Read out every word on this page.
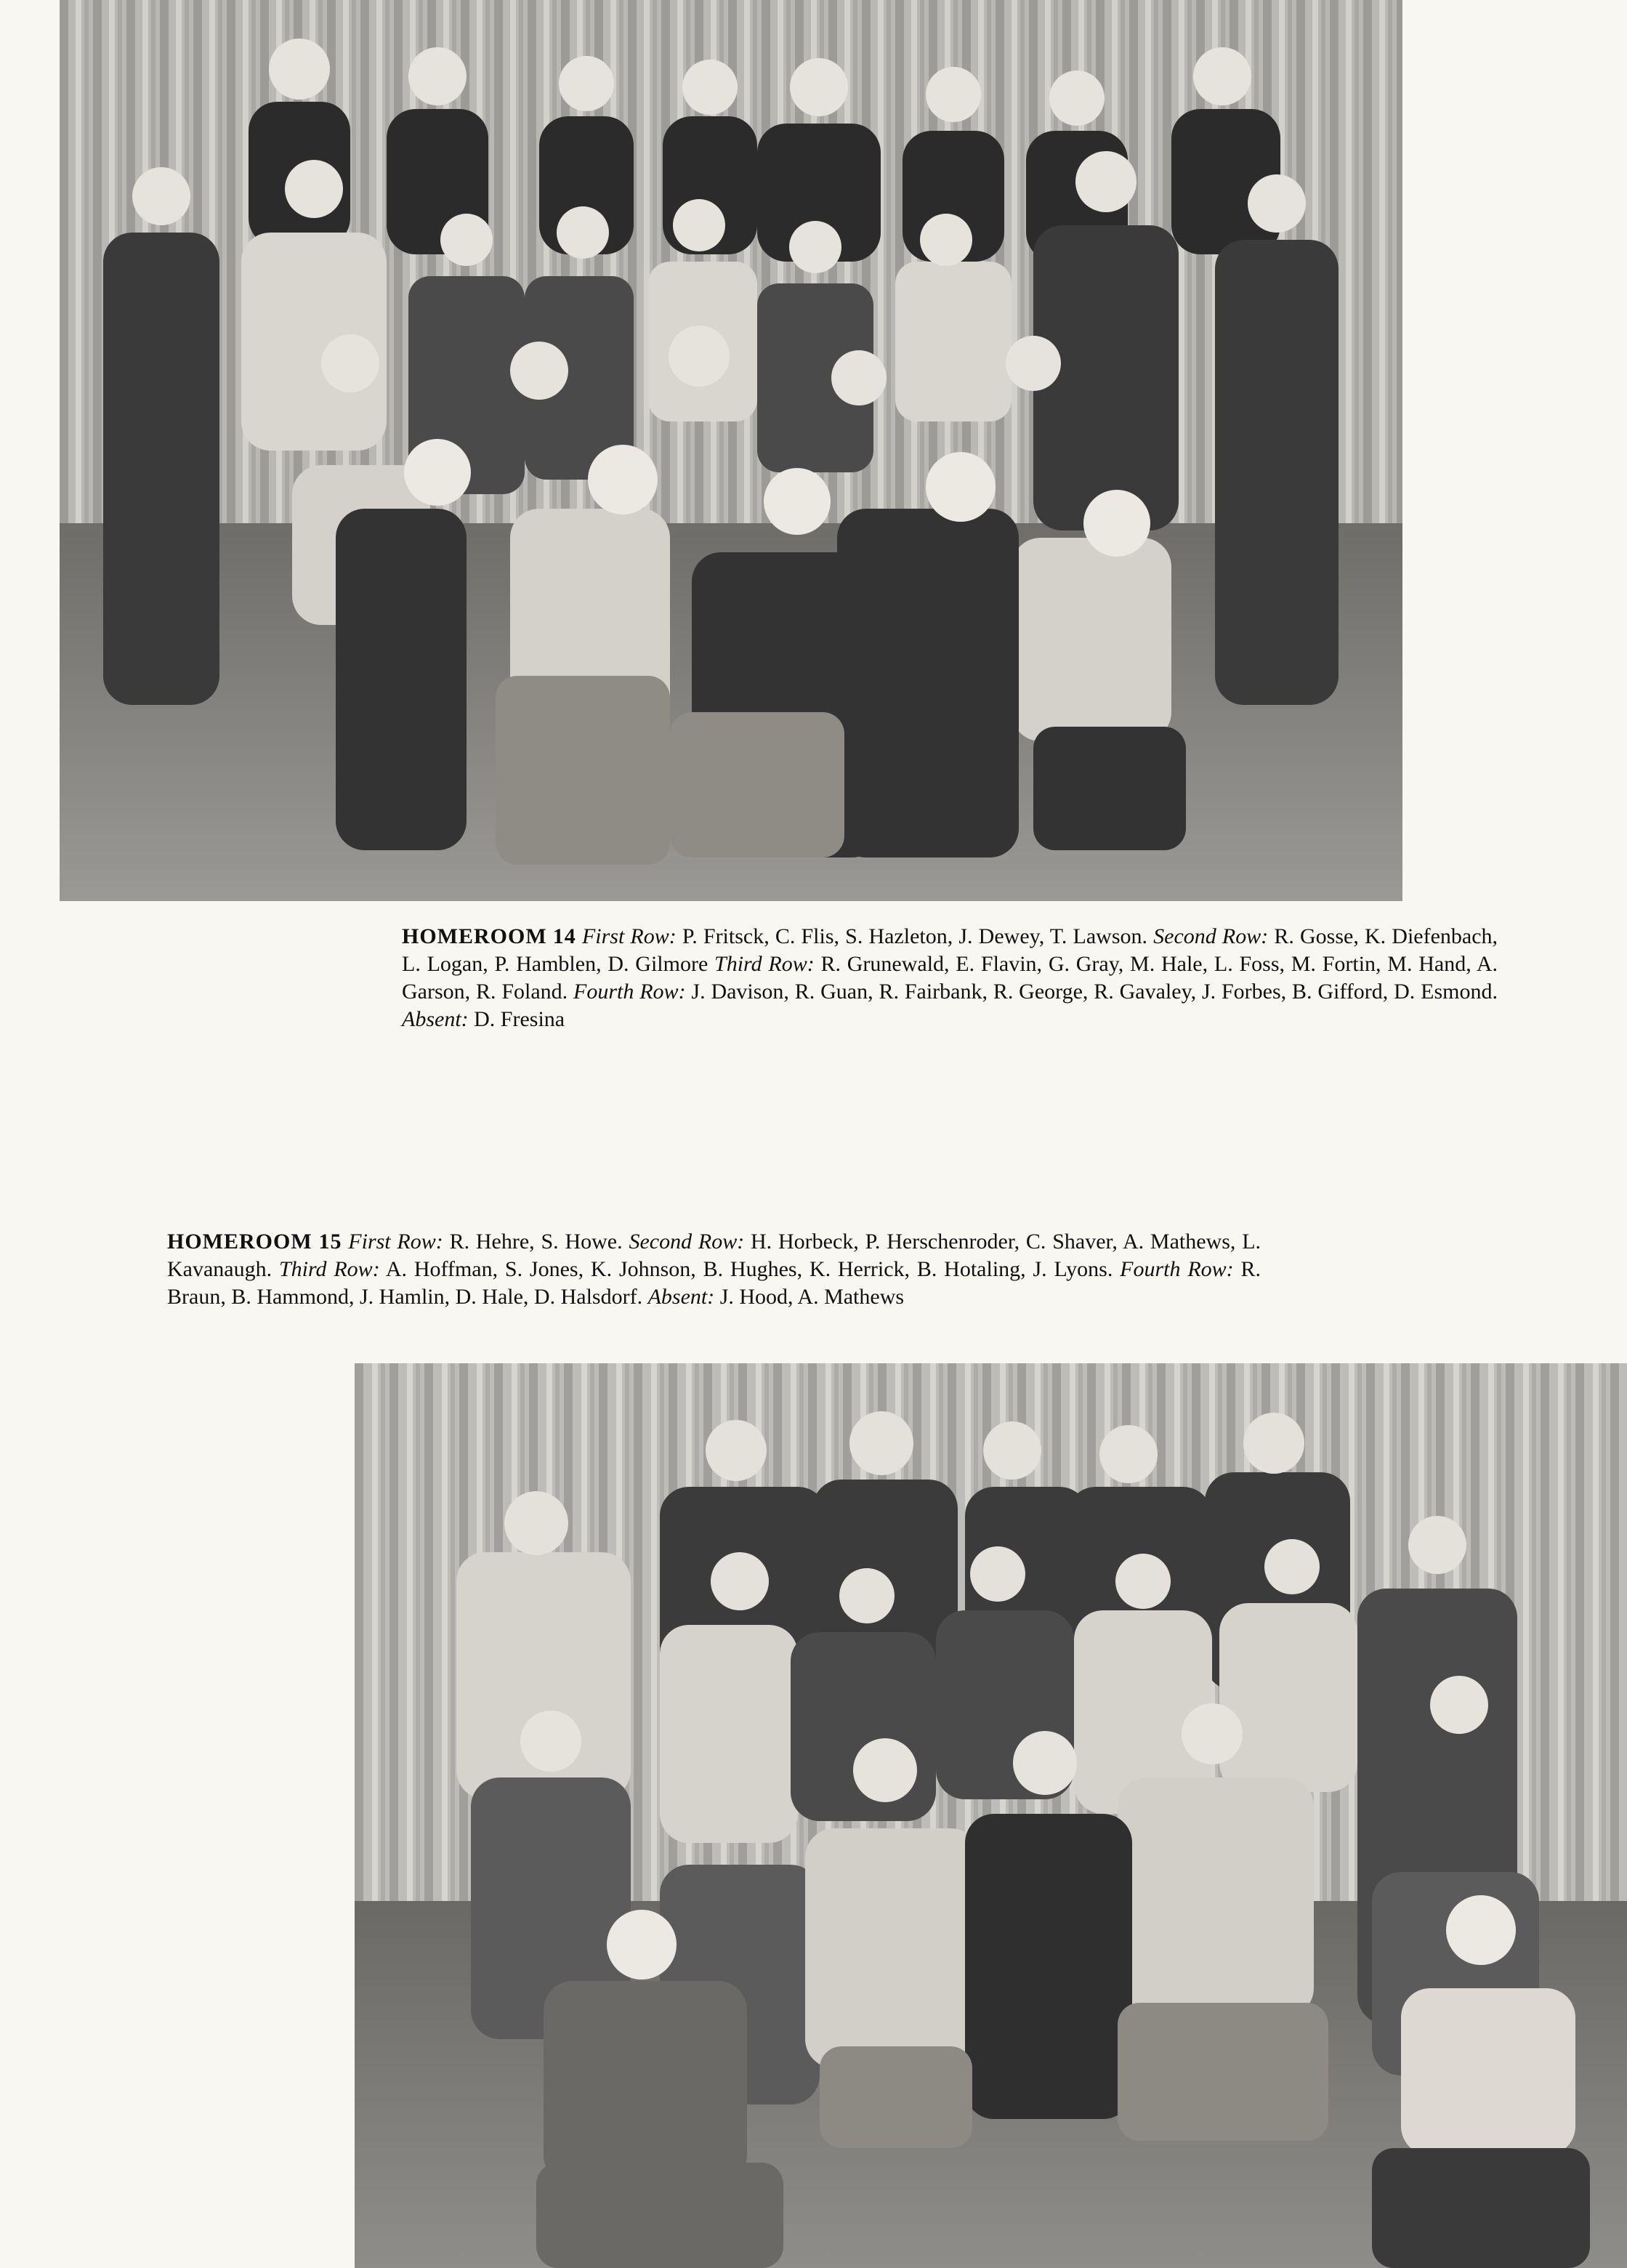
HOMEROOM 14 First Row: P. Fritsck, C. Flis, S. Hazleton, J. Dewey, T. Lawson. Second Row: R. Gosse, K. Diefenbach, L. Logan, P. Hamblen, D. Gilmore Third Row: R. Grunewald, E. Flavin, G. Gray, M. Hale, L. Foss, M. Fortin, M. Hand, A. Garson, R. Foland. Fourth Row: J. Davison, R. Guan, R. Fairbank, R. George, R. Gavaley, J. Forbes, B. Gifford, D. Esmond. Absent: D. Fresina
HOMEROOM 15 First Row: R. Hehre, S. Howe. Second Row: H. Horbeck, P. Herschenroder, C. Shaver, A. Mathews, L. Kavanaugh. Third Row: A. Hoffman, S. Jones, K. Johnson, B. Hughes, K. Herrick, B. Hotaling, J. Lyons. Fourth Row: R. Braun, B. Hammond, J. Hamlin, D. Hale, D. Halsdorf. Absent: J. Hood, A. Mathews
